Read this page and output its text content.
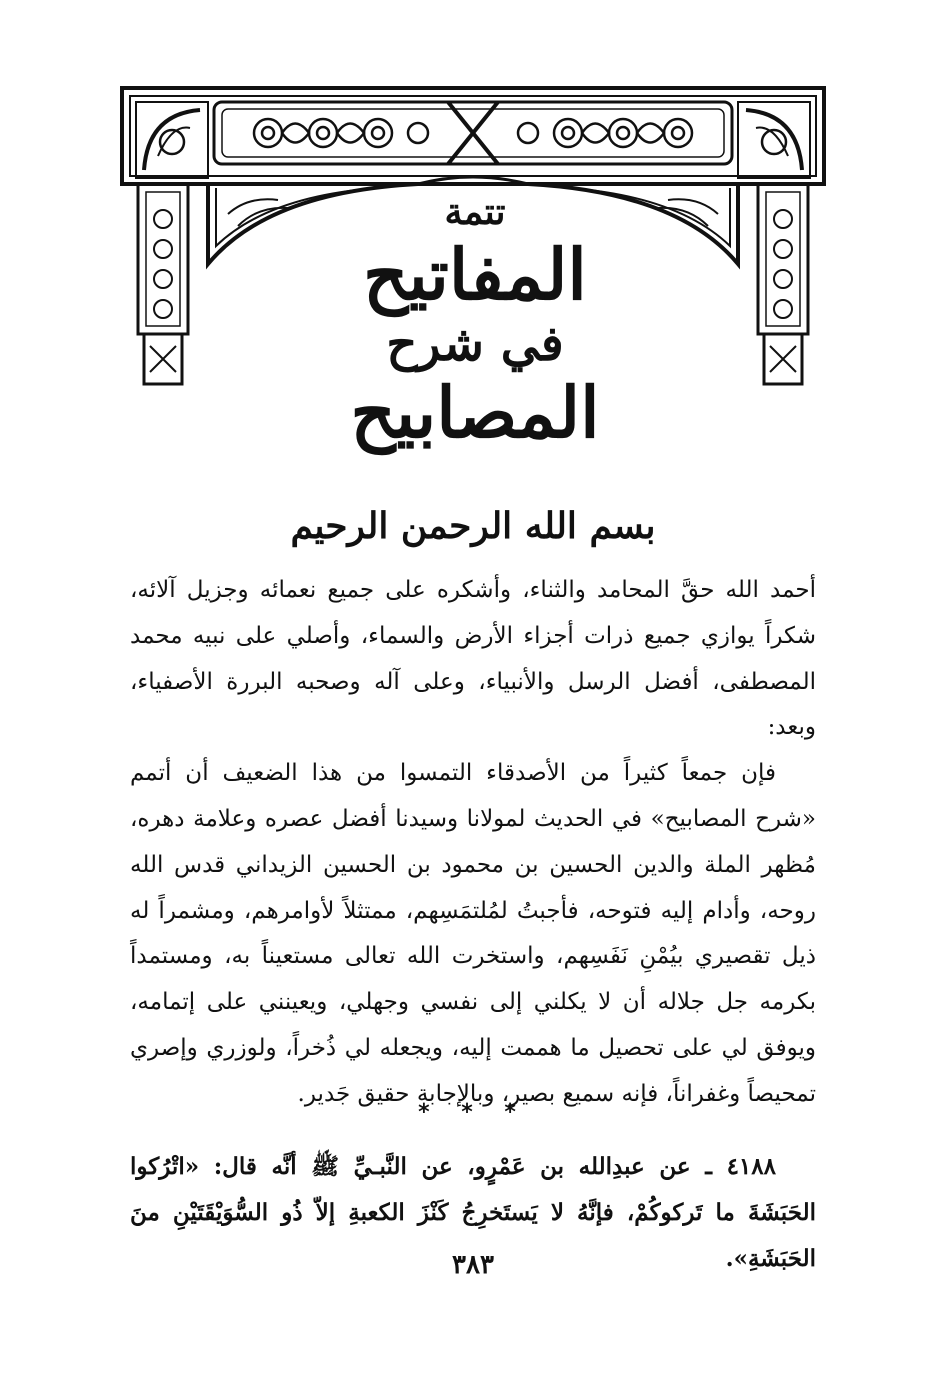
تتمة
المفاتيح
في شرح
المصابيح
بسم الله الرحمن الرحيم

أحمد الله حقَّ المحامد والثناء، وأشكره على جميع نعمائه وجزيل آلائه، شكراً يوازي جميع ذرات أجزاء الأرض والسماء، وأصلي على نبيه محمد المصطفى، أفضل الرسل والأنبياء، وعلى آله وصحبه البررة الأصفياء، وبعد:

فإن جمعاً كثيراً من الأصدقاء التمسوا من هذا الضعيف أن أتمم «شرح المصابيح» في الحديث لمولانا وسيدنا أفضل عصره وعلامة دهره، مُظهر الملة والدين الحسين بن محمود بن الحسين الزيداني قدس الله روحه، وأدام إليه فتوحه، فأجبتُ لمُلتمَسِهم، ممتثلاً لأوامرهم، ومشمراً له ذيل تقصيري بيُمْنِ نَفَسِهم، واستخرت الله تعالى مستعيناً به، ومستمداً بكرمه جل جلاله أن لا يكلني إلى نفسي وجهلي، ويعينني على إتمامه، ويوفق لي على تحصيل ما هممت إليه، ويجعله لي ذُخراً، ولوزري وإصري تمحيصاً وغفراناً، فإنه سميع بصير، وبالإجابة حقيق جَدير.

* * *
٤١٨٨ ـ عن عبدِالله بن عَمْرٍو، عن النَّبـيِّ ﷺ أنَّه قال: «اتْرُكوا الحَبَشَةَ ما تَركوكُمْ، فإنَّهُ لا يَستَخرِجُ كَنْزَ الكعبةِ إلاّ ذُو السُّوَيْقَتَيْنِ منَ الحَبَشَةِ».
٣٨٣
